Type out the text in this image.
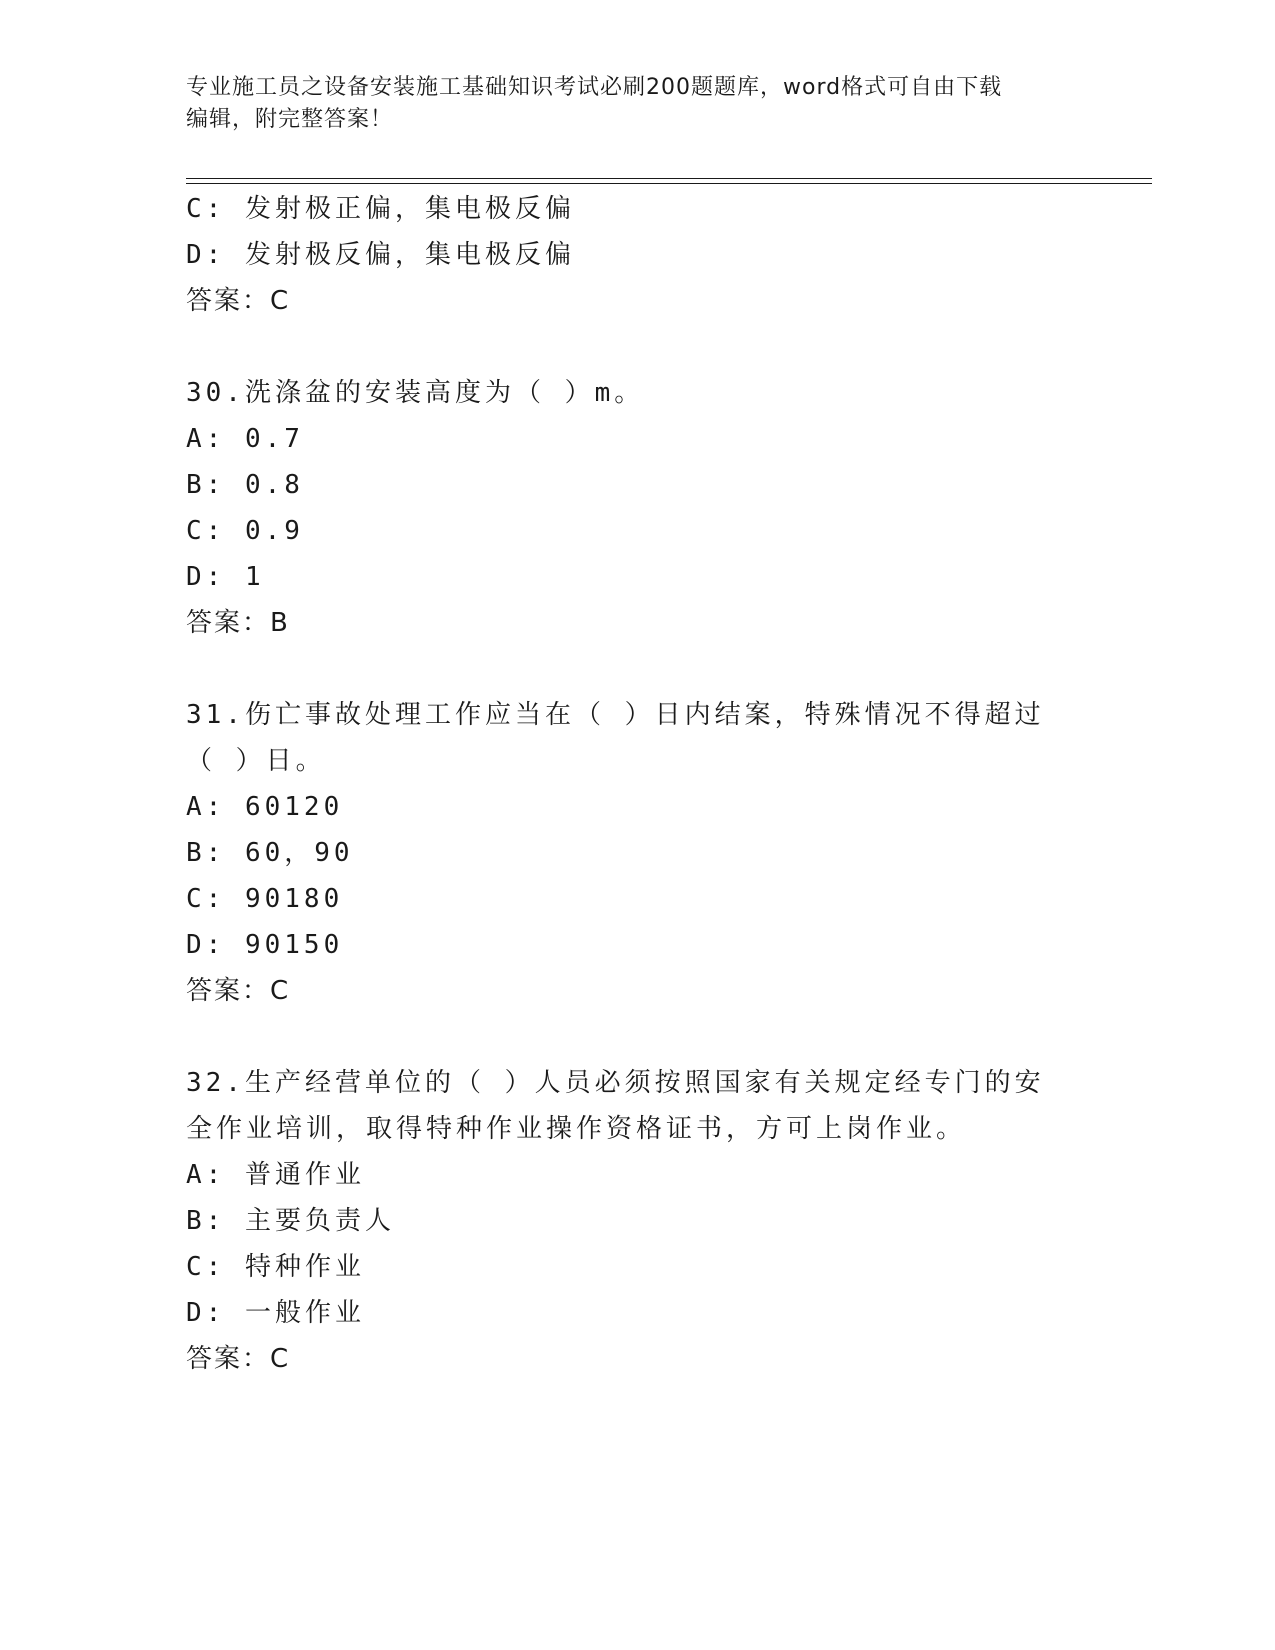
专业施工员之设备安装施工基础知识考试必刷200题题库，word格式可自由下载
编辑，附完整答案！
C: 发射极正偏，集电极反偏
D: 发射极反偏，集电极反偏
答案：C
30.洗涤盆的安装高度为（ ）m。
A: 0.7
B: 0.8
C: 0.9
D: 1
答案：B
31.伤亡事故处理工作应当在（ ）日内结案，特殊情况不得超过（ ）日。
A: 60120
B: 60，90
C: 90180
D: 90150
答案：C
32.生产经营单位的（ ）人员必须按照国家有关规定经专门的安全作业培训，取得特种作业操作资格证书，方可上岗作业。
A: 普通作业
B: 主要负责人
C: 特种作业
D: 一般作业
答案：C
